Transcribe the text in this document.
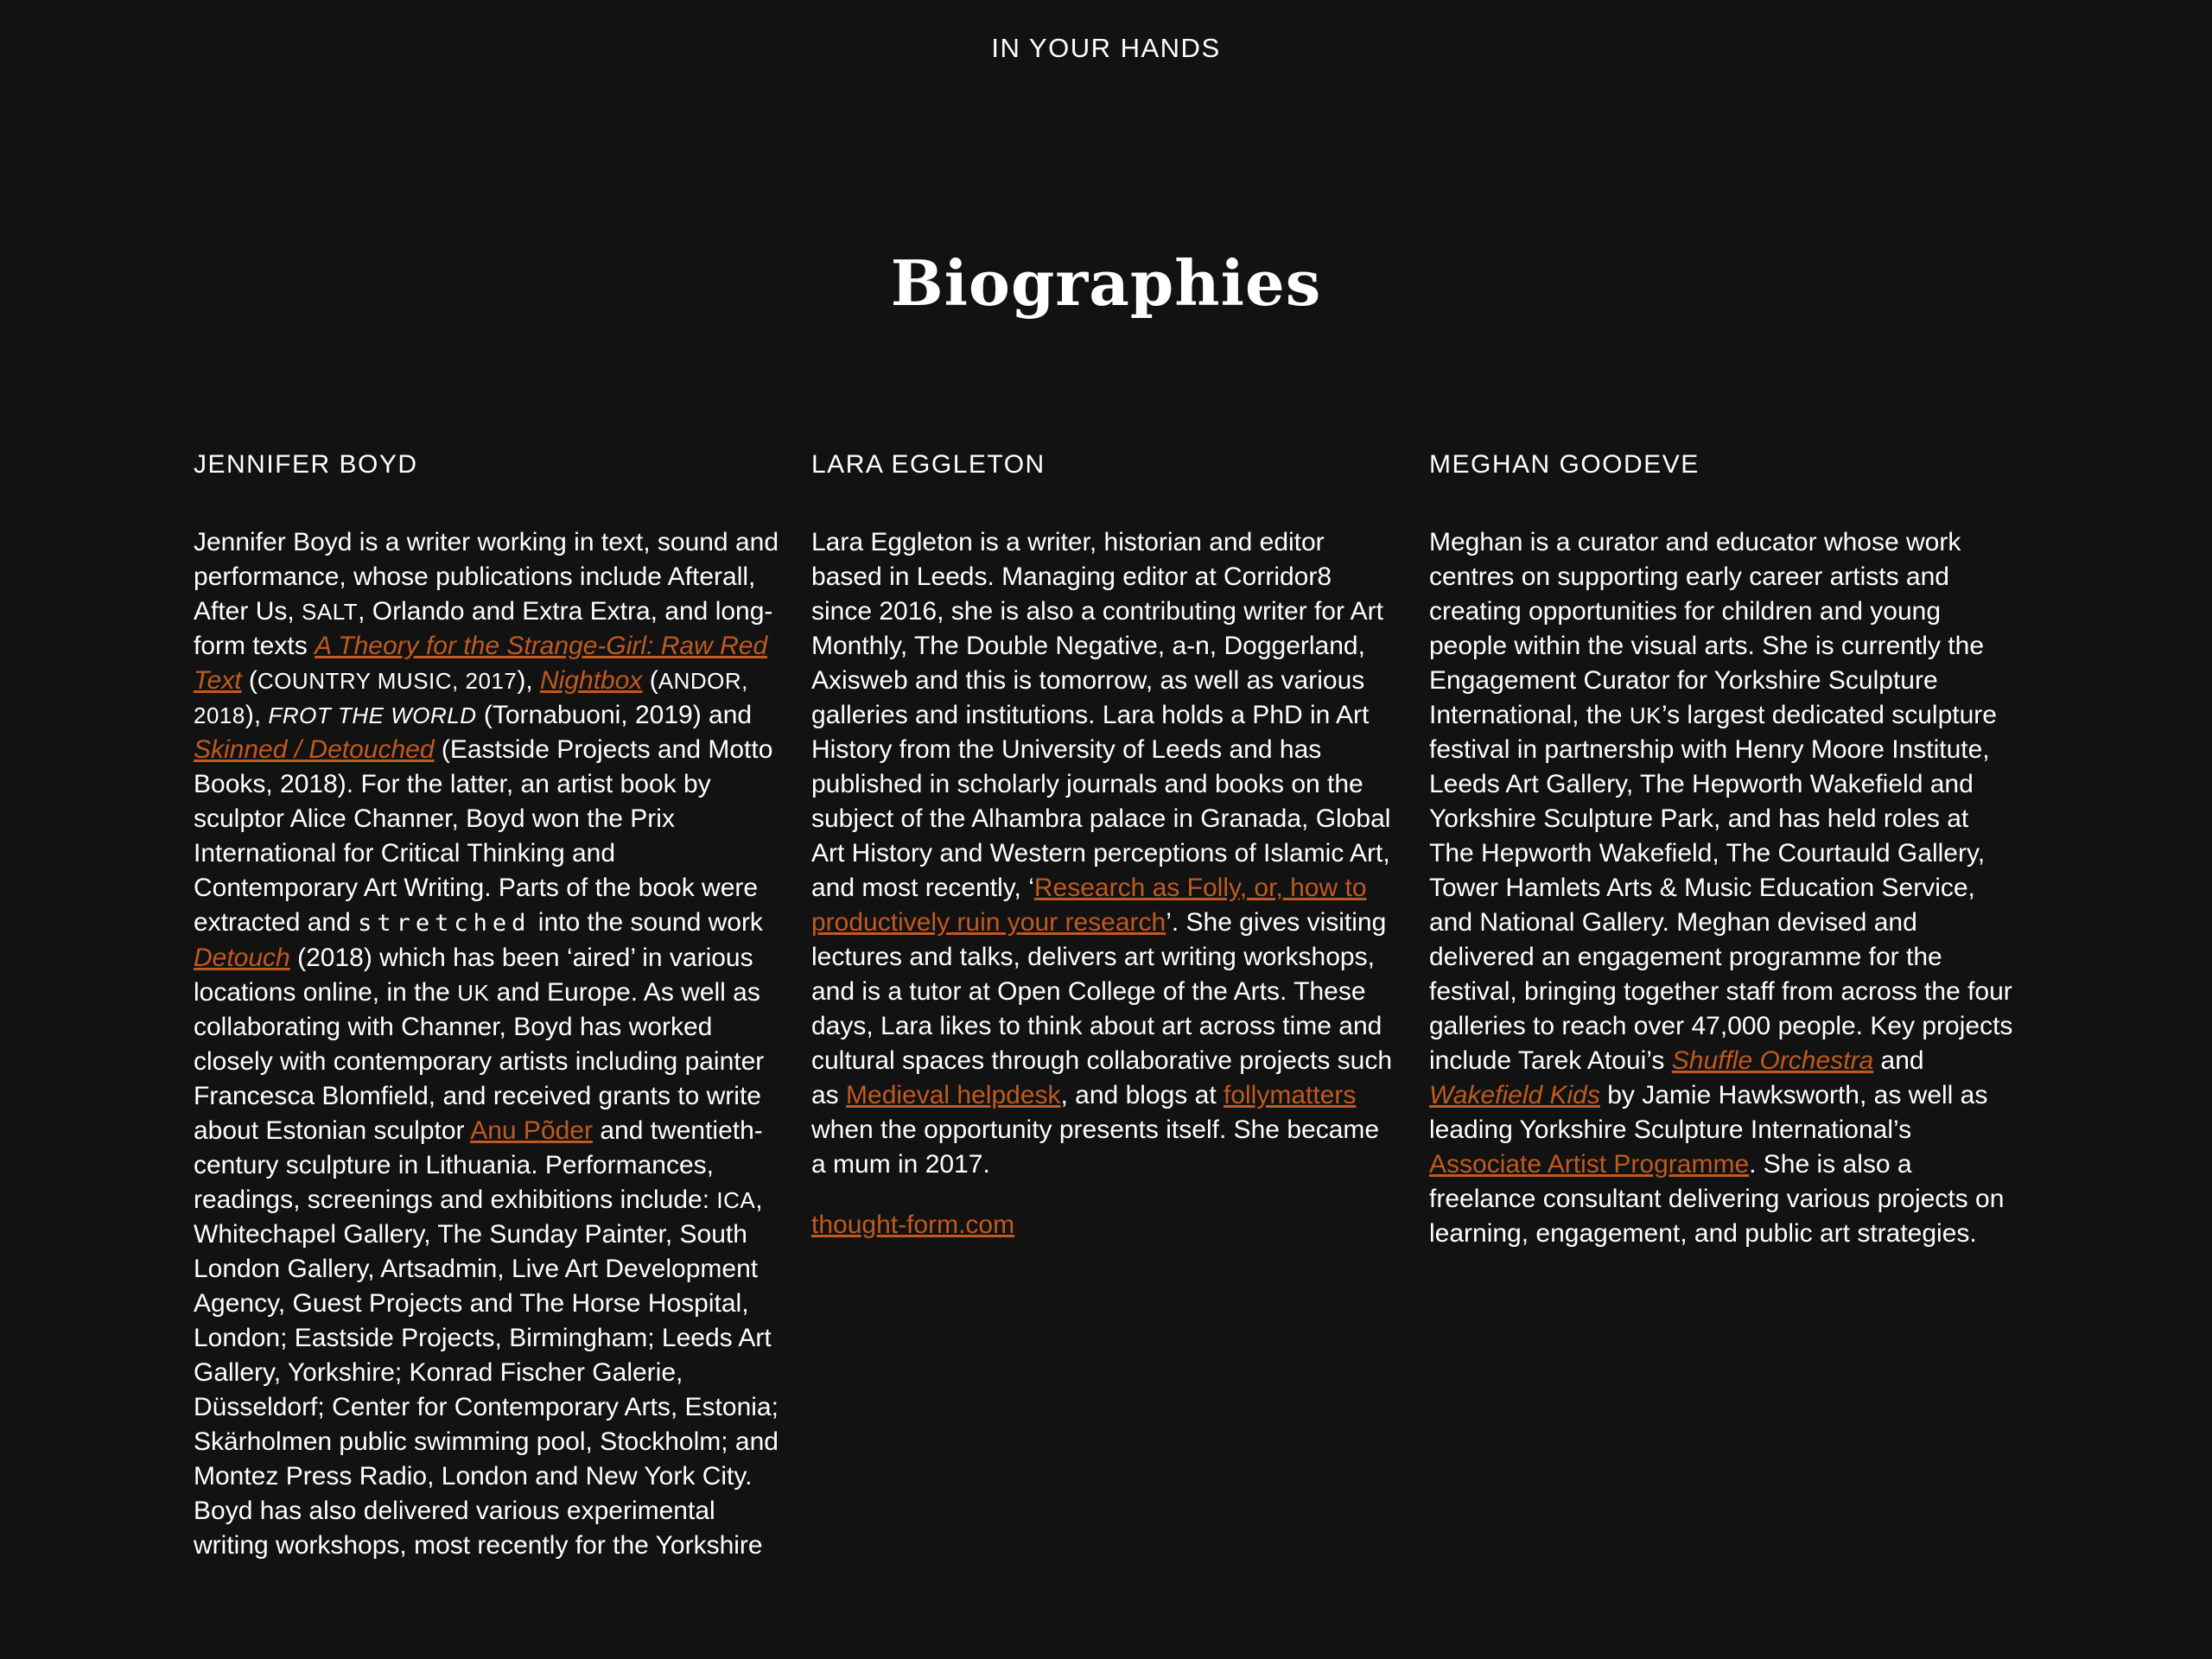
IN YOUR HANDS
Biographies
JENNIFER BOYD

Jennifer Boyd is a writer working in text, sound and performance, whose publications include Afterall, After Us, SALT, Orlando and Extra Extra, and long-form texts A Theory for the Strange-Girl: Raw Red Text (COUNTRY MUSIC, 2017), Nightbox (ANDOR, 2018), FROT THE WORLD (Tornabuoni, 2019) and Skinned / Detouched (Eastside Projects and Motto Books, 2018). For the latter, an artist book by sculptor Alice Channer, Boyd won the Prix International for Critical Thinking and Contemporary Art Writing. Parts of the book were extracted and stretched into the sound work Detouch (2018) which has been ‘aired’ in various locations online, in the UK and Europe. As well as collaborating with Channer, Boyd has worked closely with contemporary artists including painter Francesca Blomfield, and received grants to write about Estonian sculptor Anu Põder and twentieth-century sculpture in Lithuania. Performances, readings, screenings and exhibitions include: ICA, Whitechapel Gallery, The Sunday Painter, South London Gallery, Artsadmin, Live Art Development Agency, Guest Projects and The Horse Hospital, London; Eastside Projects, Birmingham; Leeds Art Gallery, Yorkshire; Konrad Fischer Galerie, Düsseldorf; Center for Contemporary Arts, Estonia; Skärholmen public swimming pool, Stockholm; and Montez Press Radio, London and New York City. Boyd has also delivered various experimental writing workshops, most recently for the Yorkshire

LARA EGGLETON

Lara Eggleton is a writer, historian and editor based in Leeds. Managing editor at Corridor8 since 2016, she is also a contributing writer for Art Monthly, The Double Negative, a-n, Doggerland, Axisweb and this is tomorrow, as well as various galleries and institutions. Lara holds a PhD in Art History from the University of Leeds and has published in scholarly journals and books on the subject of the Alhambra palace in Granada, Global Art History and Western perceptions of Islamic Art, and most recently, ‘Research as Folly, or, how to productively ruin your research’. She gives visiting lectures and talks, delivers art writing workshops, and is a tutor at Open College of the Arts. These days, Lara likes to think about art across time and cultural spaces through collaborative projects such as Medieval helpdesk, and blogs at follymatters when the opportunity presents itself. She became a mum in 2017.

thought-form.com

MEGHAN GOODEVE

Meghan is a curator and educator whose work centres on supporting early career artists and creating opportunities for children and young people within the visual arts. She is currently the Engagement Curator for Yorkshire Sculpture International, the UK’s largest dedicated sculpture festival in partnership with Henry Moore Institute, Leeds Art Gallery, The Hepworth Wakefield and Yorkshire Sculpture Park, and has held roles at The Hepworth Wakefield, The Courtauld Gallery, Tower Hamlets Arts & Music Education Service, and National Gallery. Meghan devised and delivered an engagement programme for the festival, bringing together staff from across the four galleries to reach over 47,000 people. Key projects include Tarek Atoui’s Shuffle Orchestra and Wakefield Kids by Jamie Hawksworth, as well as leading Yorkshire Sculpture International’s Associate Artist Programme. She is also a freelance consultant delivering various projects on learning, engagement, and public art strategies.
